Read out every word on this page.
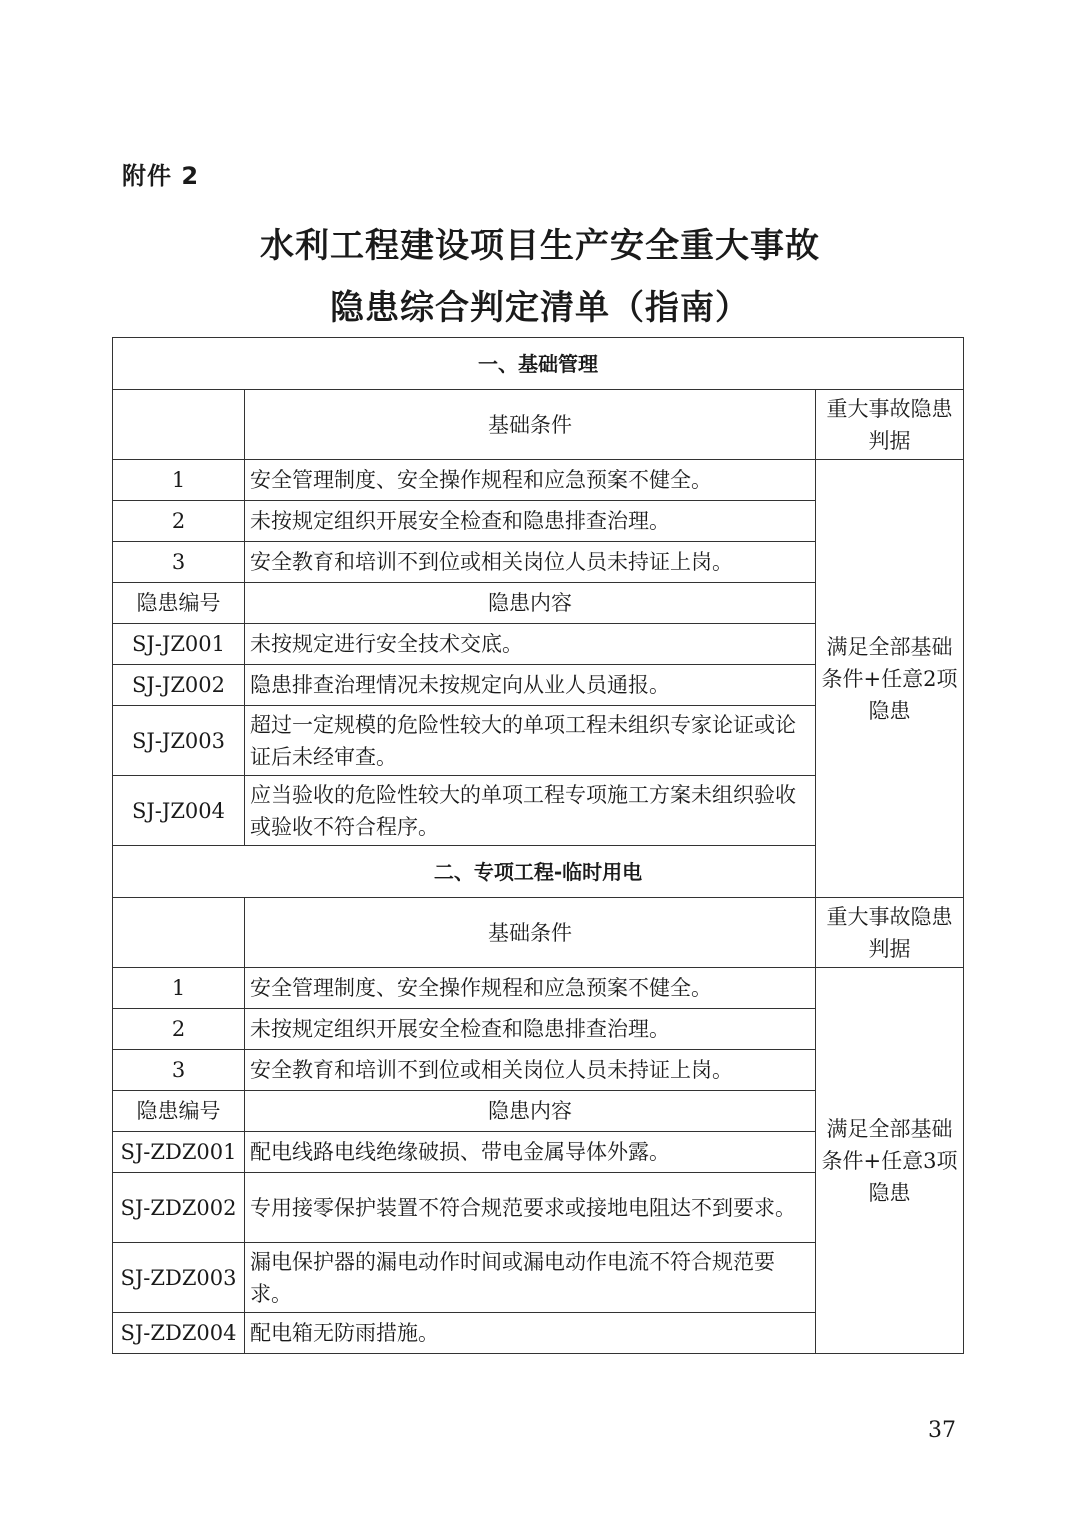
附件 2
水利工程建设项目生产安全重大事故
隐患综合判定清单（指南）
一、基础管理		
	基础条件	重大事故隐患
判据
1	安全管理制度、安全操作规程和应急预案不健全。	满足全部基础
条件+任意2项
隐患
2	未按规定组织开展安全检查和隐患排查治理。	
3	安全教育和培训不到位或相关岗位人员未持证上岗。	
隐患编号	隐患内容	
SJ-JZ001	未按规定进行安全技术交底。	
SJ-JZ002	隐患排查治理情况未按规定向从业人员通报。	
SJ-JZ003	超过一定规模的危险性较大的单项工程未组织专家论证或论证后未经审查。	
SJ-JZ004	应当验收的危险性较大的单项工程专项施工方案未组织验收或验收不符合程序。	
二、专项工程-临时用电		
	基础条件	重大事故隐患
判据
1	安全管理制度、安全操作规程和应急预案不健全。	满足全部基础
条件+任意3项
隐患
2	未按规定组织开展安全检查和隐患排查治理。	
3	安全教育和培训不到位或相关岗位人员未持证上岗。	
隐患编号	隐患内容	
SJ-ZDZ001	配电线路电线绝缘破损、带电金属导体外露。	
SJ-ZDZ002	专用接零保护装置不符合规范要求或接地电阻达不到要求。	
SJ-ZDZ003	漏电保护器的漏电动作时间或漏电动作电流不符合规范要求。	
SJ-ZDZ004	配电箱无防雨措施。	
37
